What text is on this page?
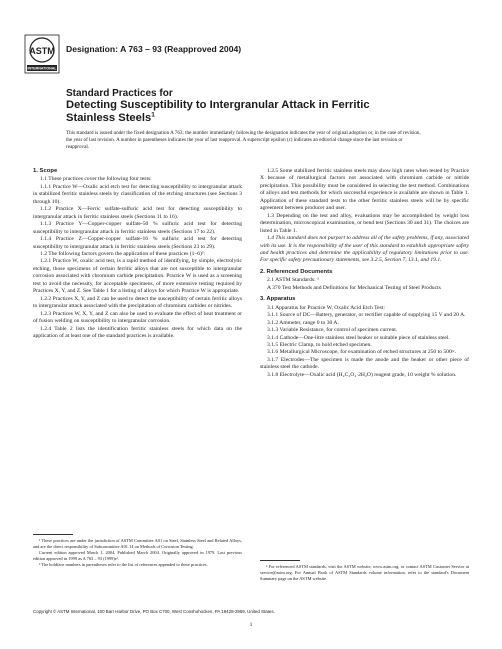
ASTM
INTERNATIONAL
Designation: A 763 – 93 (Reapproved 2004)
Standard Practices for
Detecting Susceptibility to Intergranular Attack in Ferritic Stainless Steels$^1$
This standard is issued under the fixed designation A 763; the number immediately following the designation indicates the year of original adoption or, in the case of revision, the year of last revision. A number in parentheses indicates the year of last reapproval. A superscript epsilon (ε) indicates an editorial change since the last revision or reapproval.
1. Scope

1.1 These practices cover the following four tests:

1.1.1 Practice W—Oxalic acid etch test for detecting susceptibility to intergranular attack in stabilized ferritic stainless steels by classification of the etching structures (see Sections 3 through 10).

1.1.2 Practice X—Ferric sulfate-sulfuric acid test for detecting susceptibility to intergranular attack in ferritic stainless steels (Sections 11 to 16).

1.1.3 Practice Y—Copper-copper sulfate-50 % sulfuric acid test for detecting susceptibility to intergranular attack in ferritic stainless steels (Sections 17 to 22).

1.1.4 Practice Z—Copper-copper sulfate-16 % sulfuric acid test for detecting susceptibility to intergranular attack in ferritic stainless steels (Sections 23 to 29).

1.2 The following factors govern the application of these practices (1–6)²:

1.2.1 Practice W, oxalic acid test, is a rapid method of identifying, by simple, electrolytic etching, those specimens of certain ferritic alloys that are not susceptible to intergranular corrosion associated with chromium carbide precipitation. Practice W is used as a screening test to avoid the necessity, for acceptable specimens, of more extensive testing required by Practices X, Y, and Z. See Table 1 for a listing of alloys for which Practice W is appropriate.

1.2.2 Practices X, Y, and Z can be used to detect the susceptibility of certain ferritic alloys to intergranular attack associated with the precipitation of chromium carbides or nitrides.

1.2.3 Practices W, X, Y, and Z can also be used to evaluate the effect of heat treatment or of fusion welding on susceptibility to intergranular corrosion.

1.2.4 Table 2 lists the identification ferritic stainless steels for which data on the application of at least one of the standard practices is available.

¹ These practices are under the jurisdiction of ASTM Committee A01 on Steel, Stainless Steel and Related Alloys, and are the direct responsibility of Subcommittee A01.14 on Methods of Corrosion Testing.

Current edition approved March 1, 2004. Published March 2004. Originally approved in 1979. Last previous edition approved in 1999 as A 763 – 93 (1999)ε¹.

² The boldface numbers in parentheses refer to the list of references appended to these practices.

1.2.5 Some stabilized ferritic stainless steels may show high rates when tested by Practice X because of metallurgical factors not associated with chromium carbide or nitride precipitation. This possibility must be considered in selecting the test method. Combinations of alloys and test methods for which successful experience is available are shown in Table 1. Application of these standard tests to the other ferritic stainless steels will be by specific agreement between producer and user.

1.3 Depending on the test and alloy, evaluations may be accomplished by weight loss determination, microscopical examination, or bend test (Sections 30 and 31). The choices are listed in Table 1.

1.4 This standard does not purport to address all of the safety problems, if any, associated with its use. It is the responsibility of the user of this standard to establish appropriate safety and health practices and determine the applicability of regulatory limitations prior to use. For specific safety precautionary statements, see 3.2.5, Section 7, 13.1, and 19.1.

2. Referenced Documents

2.1 ASTM Standards: ³

A 370 Test Methods and Definitions for Mechanical Testing of Steel Products

3. Apparatus

3.1 Apparatus for Practice W, Oxalic Acid Etch Test:

3.1.1 Source of DC—Battery, generator, or rectifier capable of supplying 15 V and 20 A.

3.1.2 Ammeter, range 0 to 30 A.

3.1.3 Variable Resistance, for control of specimen current.

3.1.4 Cathode—One-litre stainless steel beaker or suitable piece of stainless steel.

3.1.5 Electric Clamp, to hold etched specimen.

3.1.6 Metallurgical Microscope, for examination of etched structures at 250 to 500×.

3.1.7 Electrodes—The specimen is made the anode and the beaker or other piece of stainless steel the cathode.

3.1.8 Electrolyte—Oxalic acid (H₂C₂O₄·2H₂O) reagent grade, 10 weight % solution.

³ For referenced ASTM standards, visit the ASTM website, www.astm.org, or contact ASTM Customer Service at service@astm.org. For Annual Book of ASTM Standards volume information, refer to the standard's Document Summary page on the ASTM website.

Copyright © ASTM International, 100 Barr Harbor Drive, PO Box C700, West Conshohocken, PA 19428-2959, United States.
1
